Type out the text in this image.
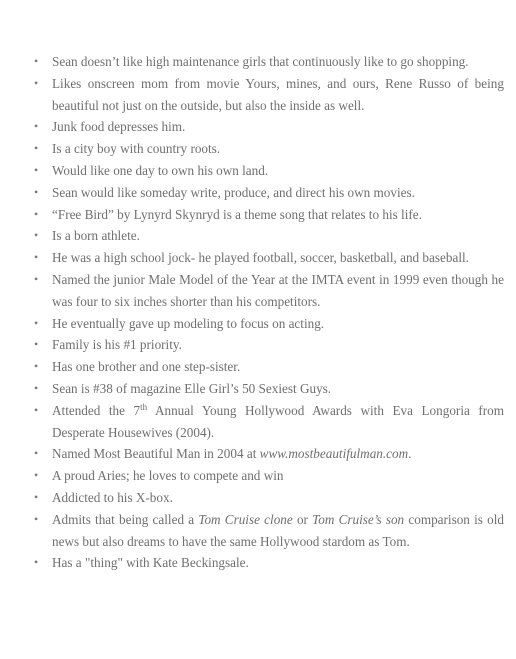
• Sean doesn’t like high maintenance girls that continuously like to go shopping.
• Likes onscreen mom from movie Yours, mines, and ours, Rene Russo of being beautiful not just on the outside, but also the inside as well.
• Junk food depresses him.
• Is a city boy with country roots.
• Would like one day to own his own land.
• Sean would like someday write, produce, and direct his own movies.
• “Free Bird” by Lynyrd Skynryd is a theme song that relates to his life.
• Is a born athlete.
• He was a high school jock- he played football, soccer, basketball, and baseball.
• Named the junior Male Model of the Year at the IMTA event in 1999 even though he was four to six inches shorter than his competitors.
• He eventually gave up modeling to focus on acting.
• Family is his #1 priority.
• Has one brother and one step-sister.
• Sean is #38 of magazine Elle Girl’s 50 Sexiest Guys.
• Attended the 7th Annual Young Hollywood Awards with Eva Longoria from Desperate Housewives (2004).
• Named Most Beautiful Man in 2004 at www.mostbeautifulman.com.
• A proud Aries; he loves to compete and win
• Addicted to his X-box.
• Admits that being called a Tom Cruise clone or Tom Cruise’s son comparison is old news but also dreams to have the same Hollywood stardom as Tom.
• Has a "thing" with Kate Beckingsale.
